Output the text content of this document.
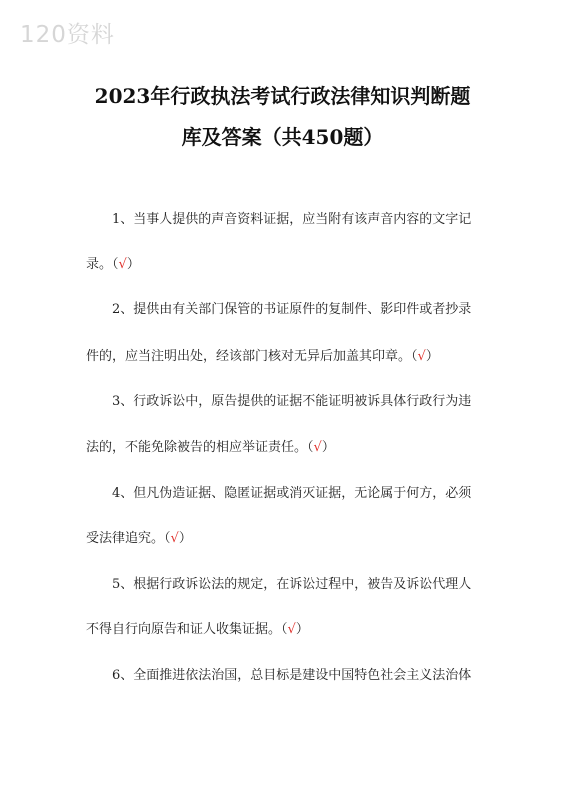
120资料
2023年行政执法考试行政法律知识判断题
库及答案（共450题）
1、当事人提供的声音资料证据，应当附有该声音内容的文字记
录。（√）
2、提供由有关部门保管的书证原件的复制件、影印件或者抄录
件的，应当注明出处，经该部门核对无异后加盖其印章。（√）
3、行政诉讼中，原告提供的证据不能证明被诉具体行政行为违
法的，不能免除被告的相应举证责任。（√）
4、但凡伪造证据、隐匿证据或消灭证据，无论属于何方，必须
受法律追究。（√）
5、根据行政诉讼法的规定，在诉讼过程中，被告及诉讼代理人
不得自行向原告和证人收集证据。（√）
6、全面推进依法治国，总目标是建设中国特色社会主义法治体
